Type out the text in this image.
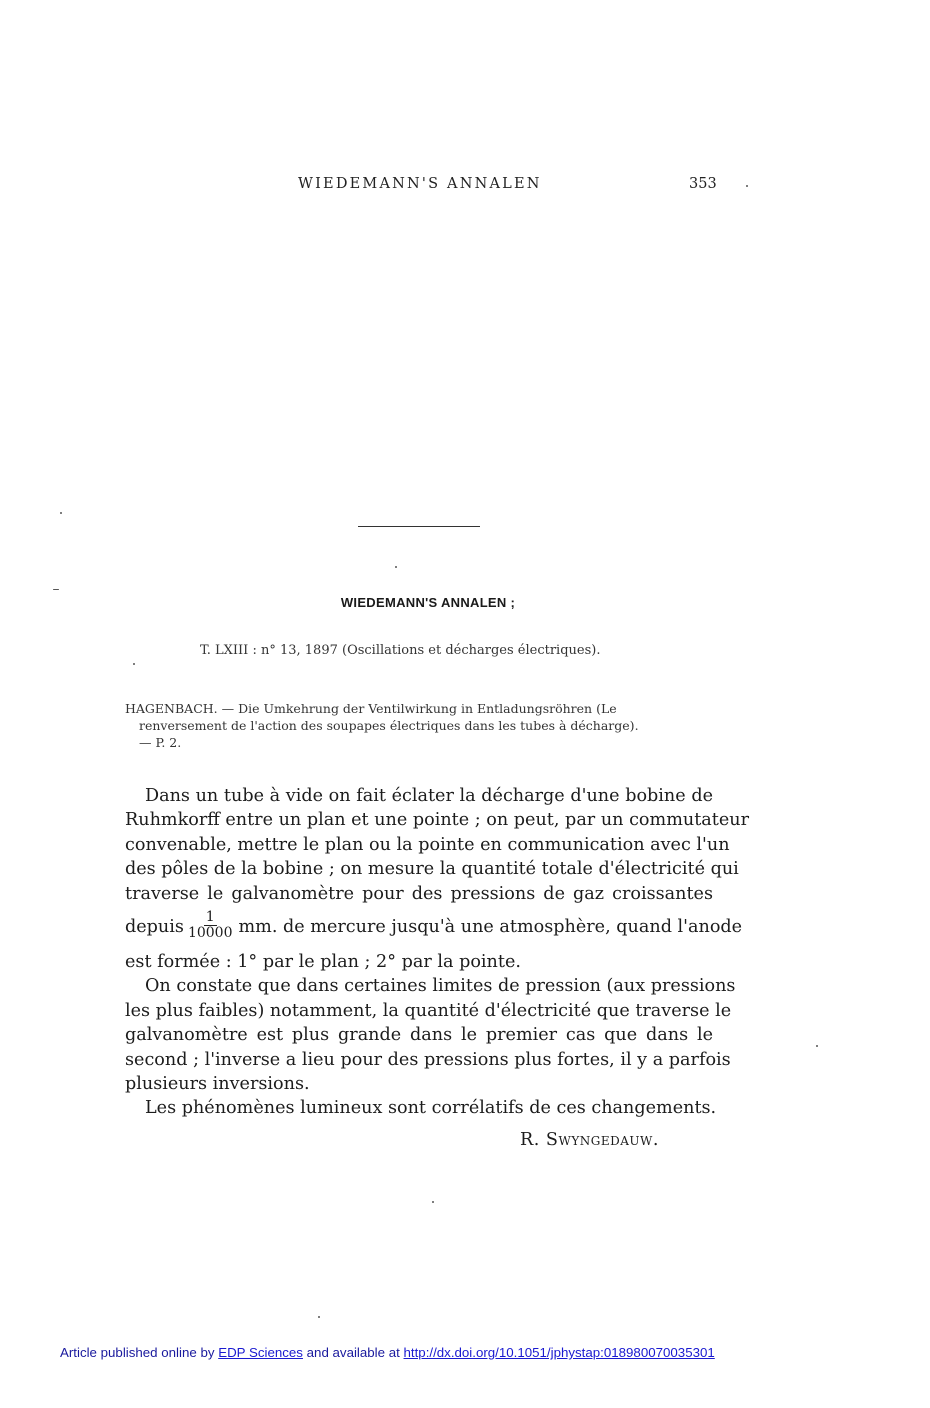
WIEDEMANN'S ANNALEN	353
WIEDEMANN'S ANNALEN ;
T. LXIII : n° 13, 1897 (Oscillations et décharges électriques).
HAGENBACH. — Die Umkehrung der Ventilwirkung in Entladungsröhren (Le
renversement de l'action des soupapes électriques dans les tubes à décharge).
— P. 2.
Dans un tube à vide on fait éclater la décharge d'une bobine de
Ruhmkorff entre un plan et une pointe ; on peut, par un commutateur
convenable, mettre le plan ou la pointe en communication avec l'un
des pôles de la bobine ; on mesure la quantité totale d'électricité qui
traverse le galvanomètre pour des pressions de gaz croissantes
depuis $\frac{1}{10000}$ mm. de mercure jusqu'à une atmosphère, quand l'anode
est formée : 1° par le plan ; 2° par la pointe.
On constate que dans certaines limites de pression (aux pressions
les plus faibles) notamment, la quantité d'électricité que traverse le
galvanomètre est plus grande dans le premier cas que dans le
second ; l'inverse a lieu pour des pressions plus fortes, il y a parfois
plusieurs inversions.
Les phénomènes lumineux sont corrélatifs de ces changements.
R. Swyngedauw.
Article published online by EDP Sciences and available at http://dx.doi.org/10.1051/jphystap:018980070035301
